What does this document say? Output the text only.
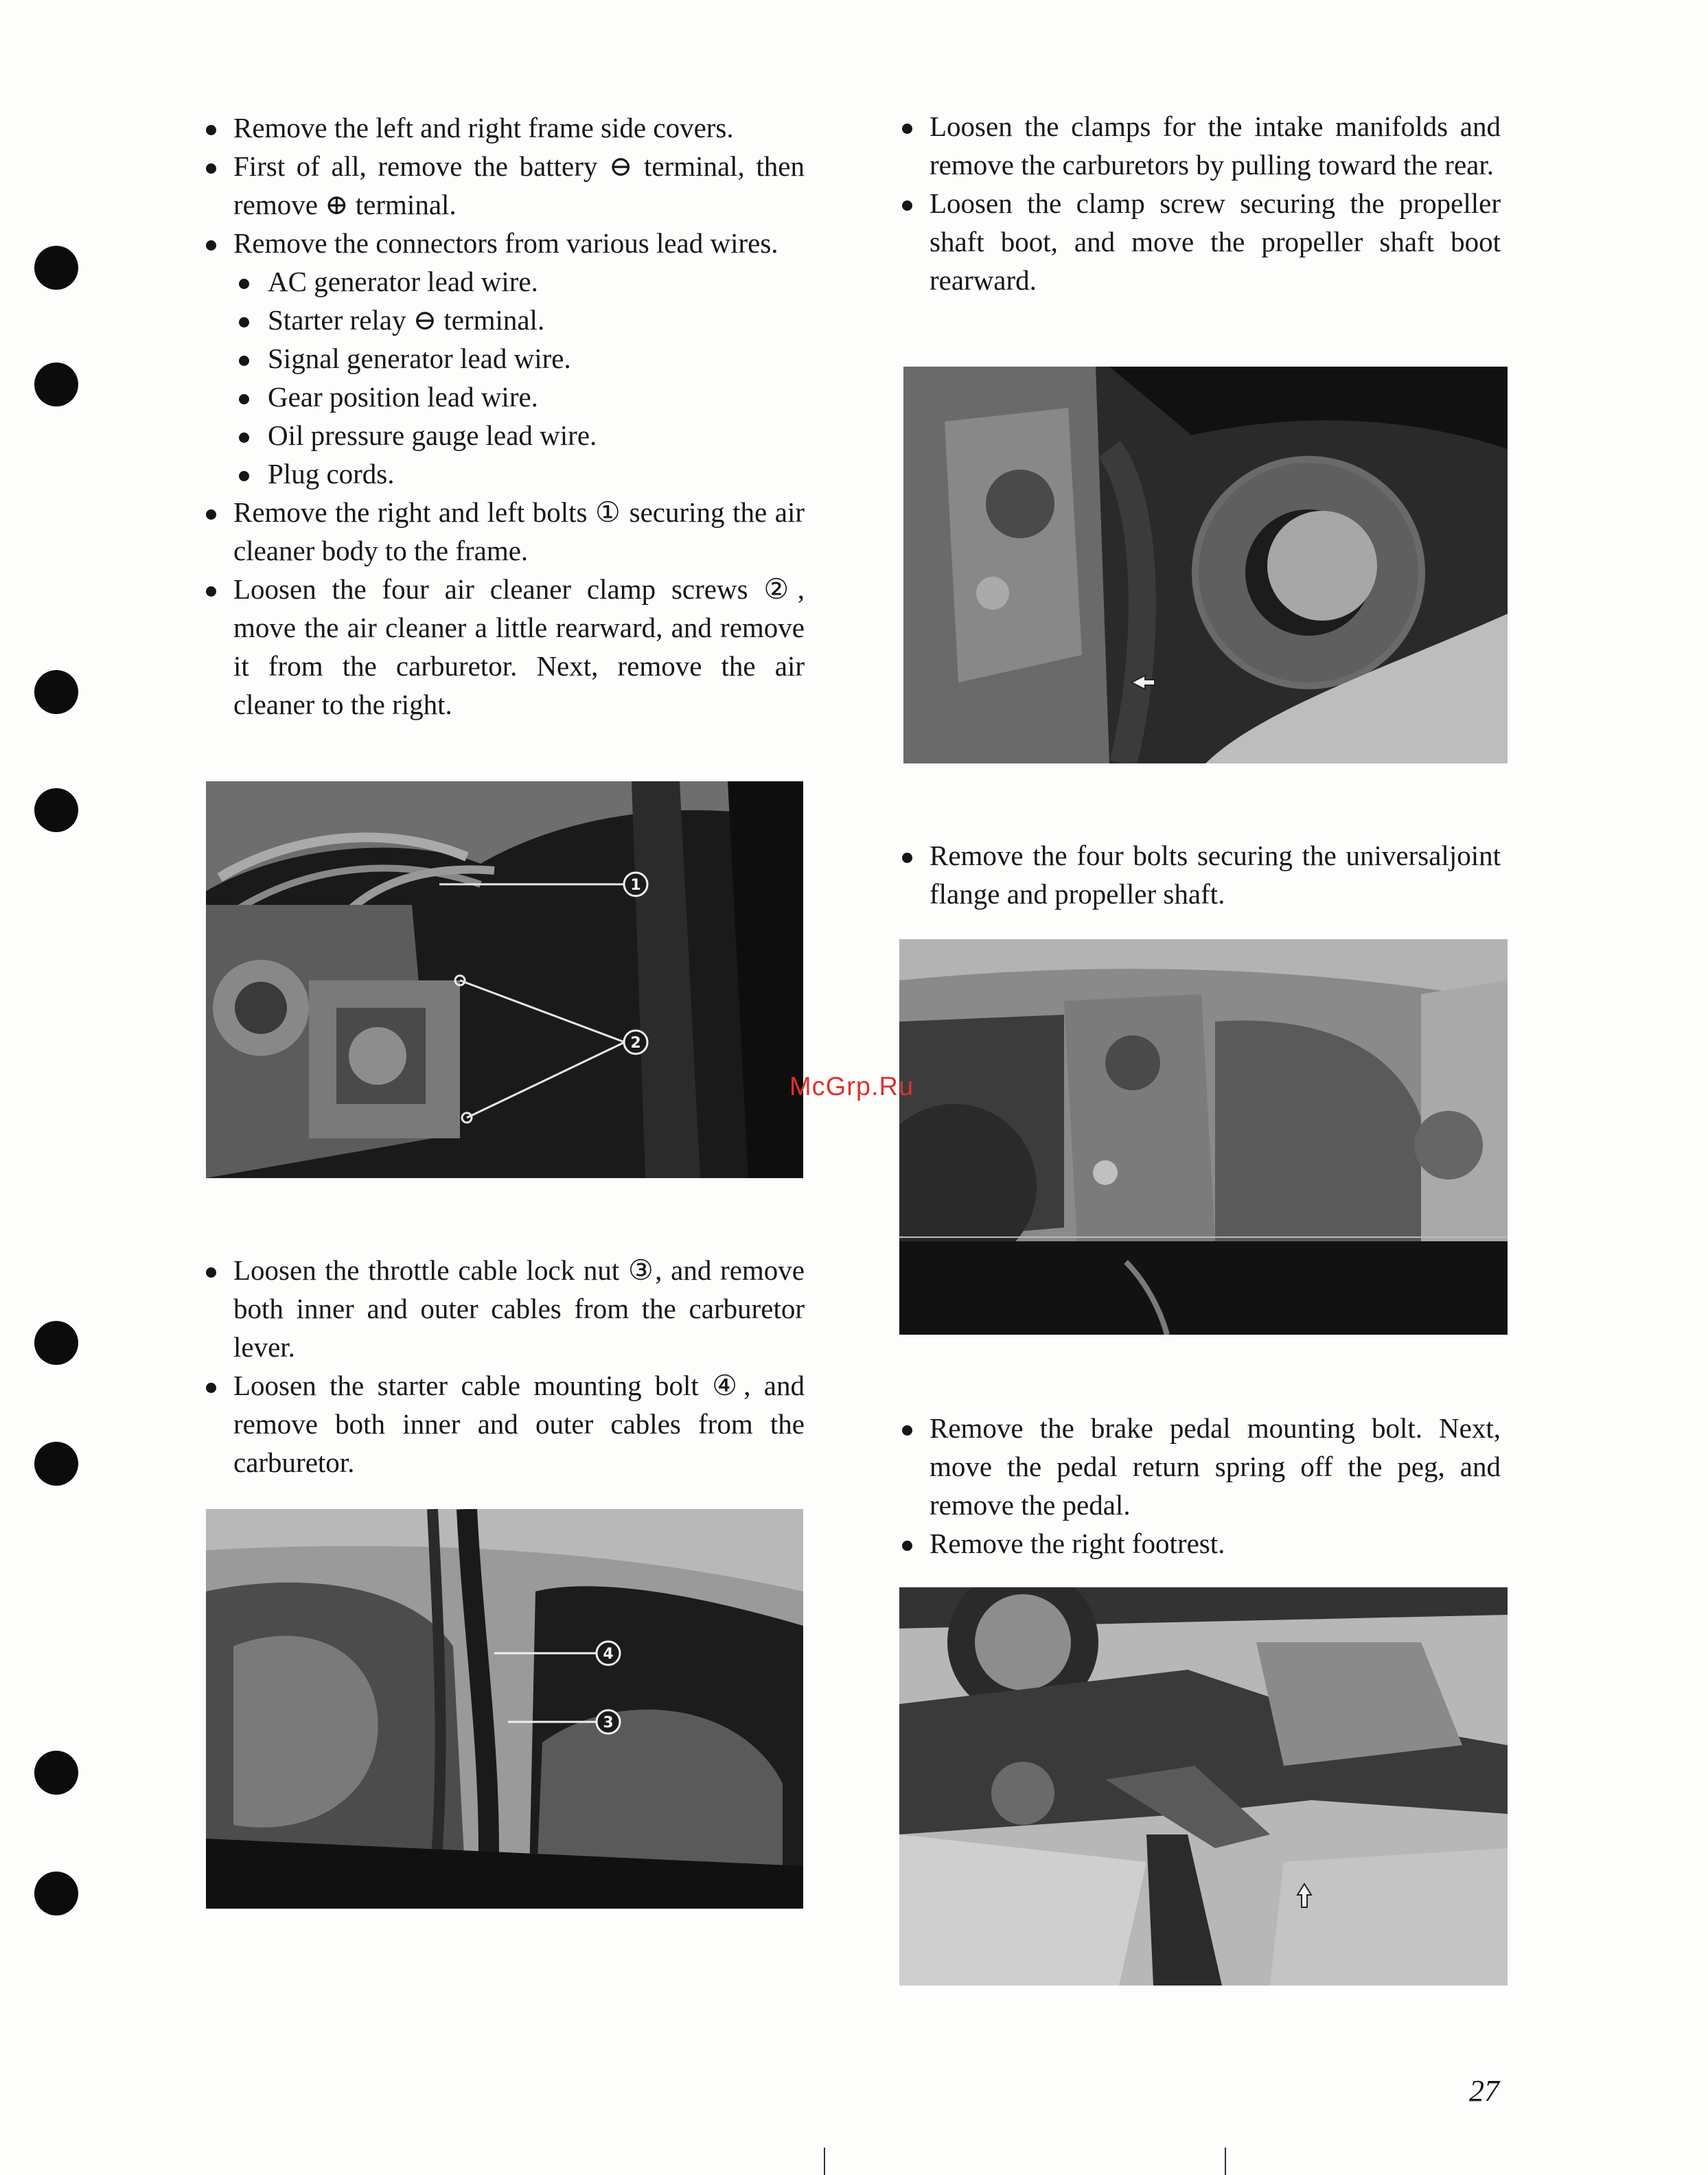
Remove the left and right frame side covers.
First of all, remove the battery ⊖ terminal, then remove ⊕ terminal.
Remove the connectors from various lead wires.
AC generator lead wire.
Starter relay ⊖ terminal.
Signal generator lead wire.
Gear position lead wire.
Oil pressure gauge lead wire.
Plug cords.
Remove the right and left bolts ① securing the air cleaner body to the frame.
Loosen the four air cleaner clamp screws ②, move the air cleaner a little rearward, and remove it from the carburetor. Next, remove the air cleaner to the right.
1
2
Loosen the throttle cable lock nut ③, and remove both inner and outer cables from the carburetor lever.
Loosen the starter cable mounting bolt ④, and remove both inner and outer cables from the carburetor.
4
3
Loosen the clamps for the intake manifolds and remove the carburetors by pulling toward the rear.
Loosen the clamp screw securing the propeller shaft boot, and move the propeller shaft boot rearward.
Remove the four bolts securing the universaljoint flange and propeller shaft.
Remove the brake pedal mounting bolt. Next, move the pedal return spring off the peg, and remove the pedal.
Remove the right footrest.
McGrp.Ru
27
